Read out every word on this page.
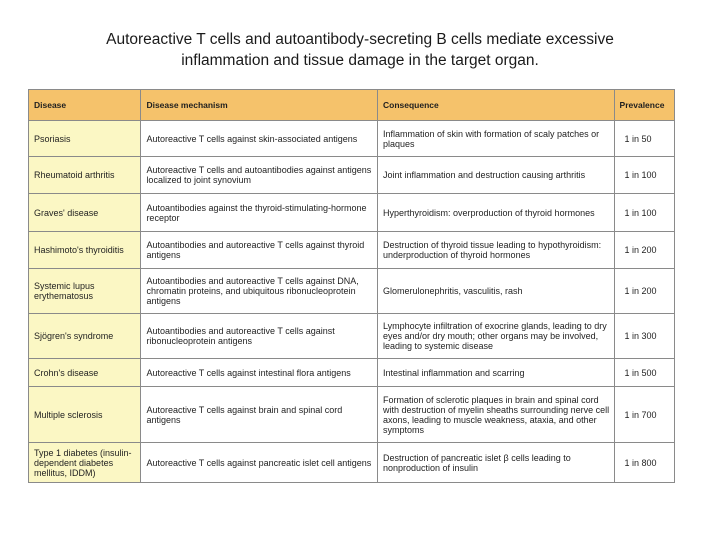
Autoreactive T cells and autoantibody-secreting B cells mediate excessive
inflammation and tissue damage in the target organ.
Disease	Disease mechanism	Consequence	Prevalence
Psoriasis	Autoreactive T cells against skin-associated antigens	Inflammation of skin with formation of scaly patches or plaques	1 in 50
Rheumatoid arthritis	Autoreactive T cells and autoantibodies against antigens localized to joint synovium	Joint inflammation and destruction causing arthritis	1 in 100
Graves' disease	Autoantibodies against the thyroid-stimulating-hormone receptor	Hyperthyroidism: overproduction of thyroid hormones	1 in 100
Hashimoto's thyroiditis	Autoantibodies and autoreactive T cells against thyroid antigens	Destruction of thyroid tissue leading to hypothyroidism: underproduction of thyroid hormones	1 in 200
Systemic lupus erythematosus	Autoantibodies and autoreactive T cells against DNA, chromatin proteins, and ubiquitous ribonucleoprotein antigens	Glomerulonephritis, vasculitis, rash	1 in 200
Sjögren's syndrome	Autoantibodies and autoreactive T cells against ribonucleoprotein antigens	Lymphocyte infiltration of exocrine glands, leading to dry eyes and/or dry mouth; other organs may be involved, leading to systemic disease	1 in 300
Crohn's disease	Autoreactive T cells against intestinal flora antigens	Intestinal inflammation and scarring	1 in 500
Multiple sclerosis	Autoreactive T cells against brain and spinal cord antigens	Formation of sclerotic plaques in brain and spinal cord with destruction of myelin sheaths surrounding nerve cell axons, leading to muscle weakness, ataxia, and other symptoms	1 in 700
Type 1 diabetes (insulin-dependent diabetes mellitus, IDDM)	Autoreactive T cells against pancreatic islet cell antigens	Destruction of pancreatic islet β cells leading to nonproduction of insulin	1 in 800
